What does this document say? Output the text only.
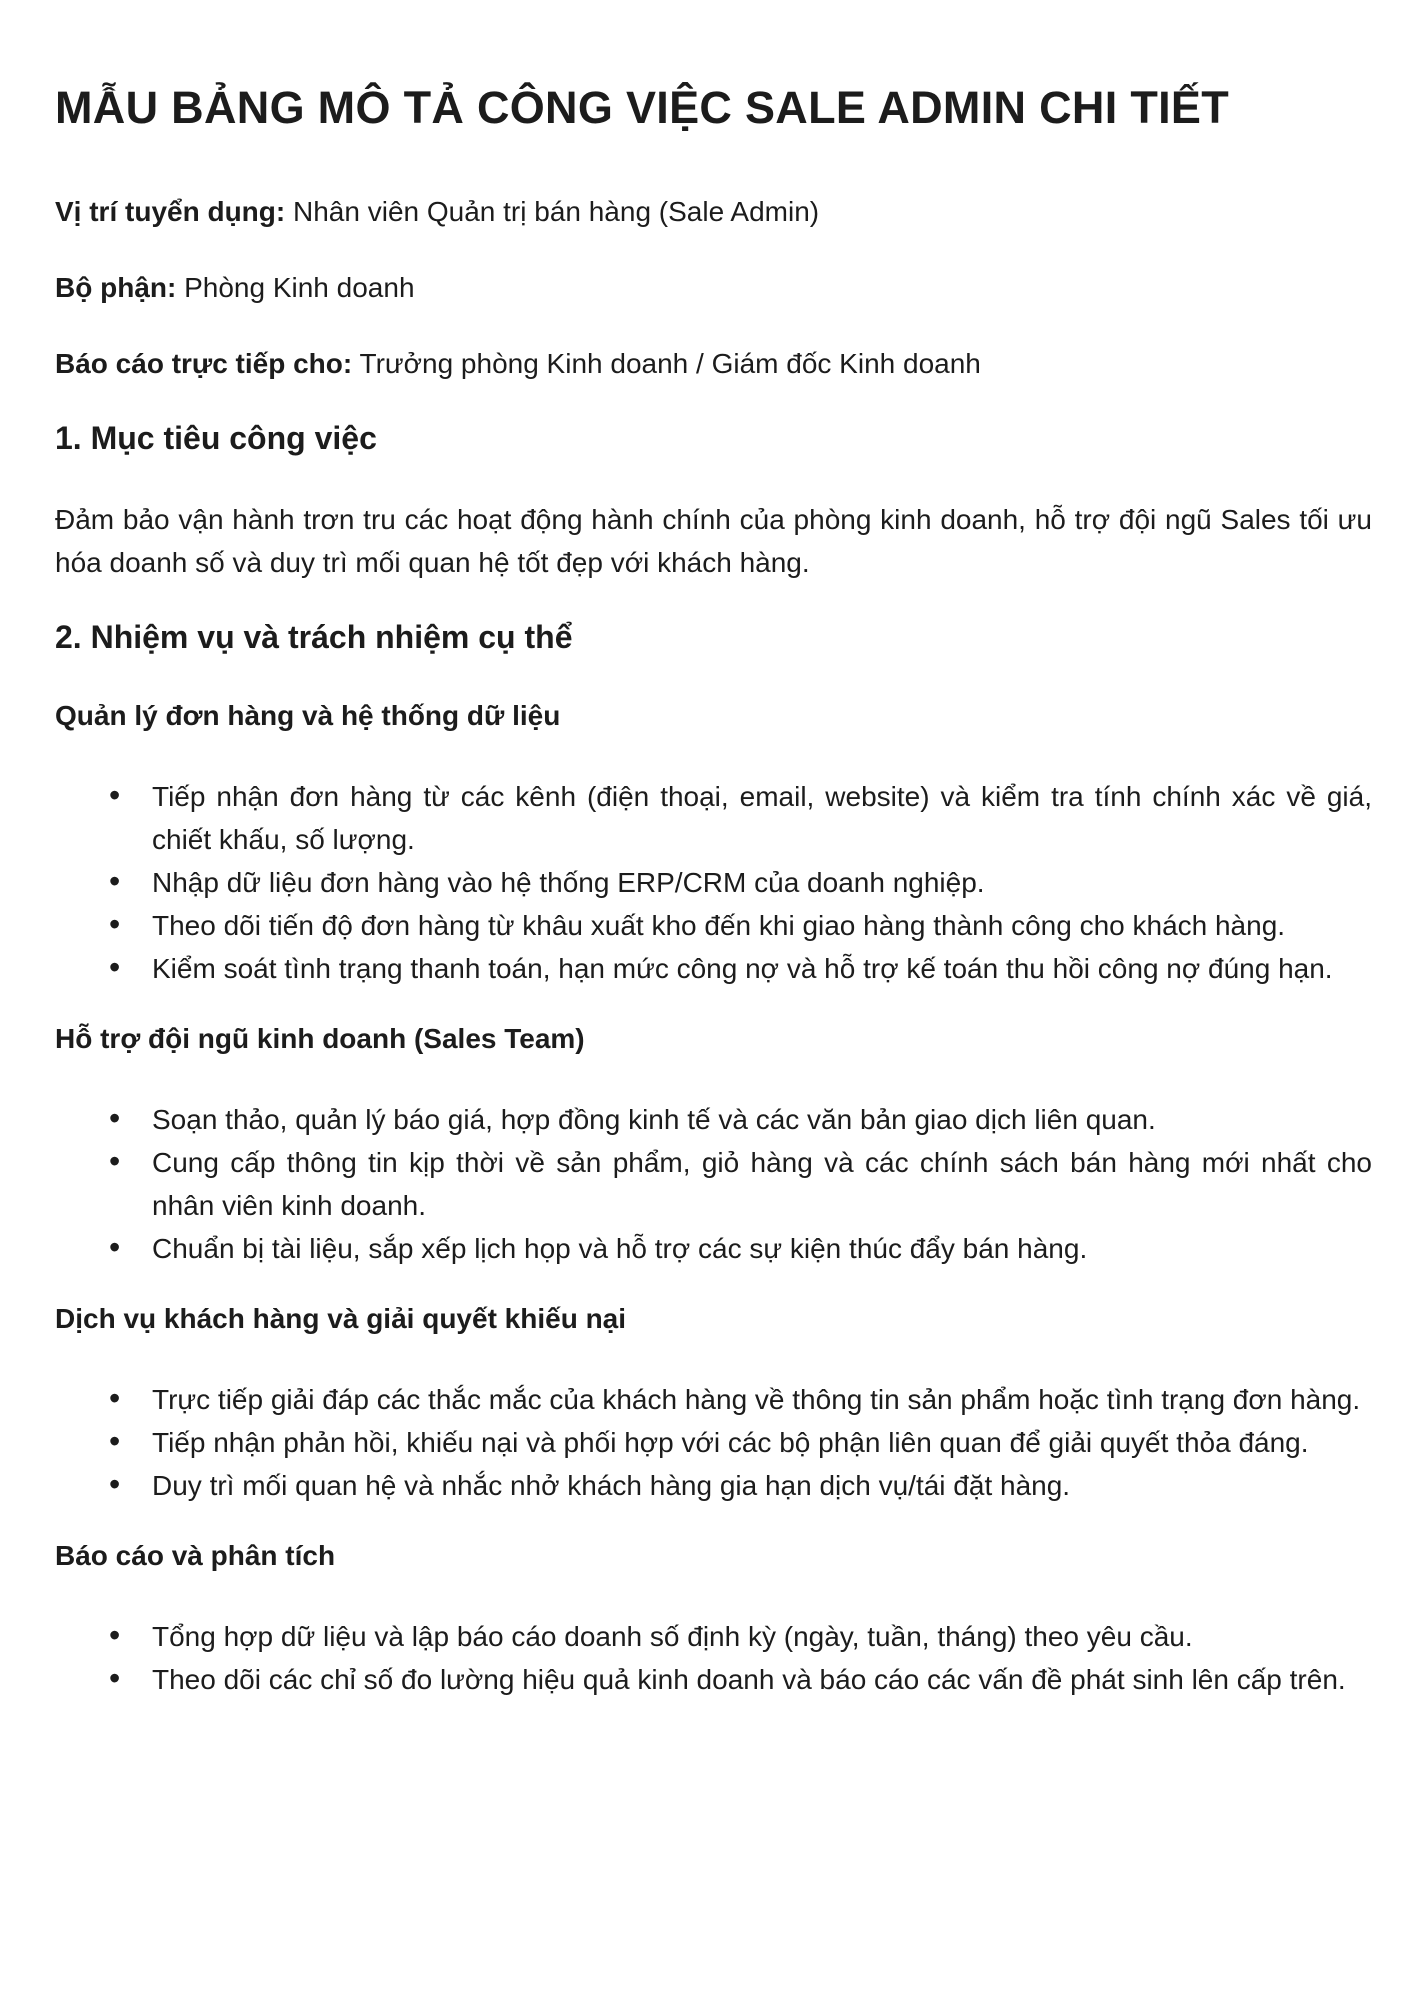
MẪU BẢNG MÔ TẢ CÔNG VIỆC SALE ADMIN CHI TIẾT

Vị trí tuyển dụng: Nhân viên Quản trị bán hàng (Sale Admin)

Bộ phận: Phòng Kinh doanh

Báo cáo trực tiếp cho: Trưởng phòng Kinh doanh / Giám đốc Kinh doanh

1. Mục tiêu công việc

Đảm bảo vận hành trơn tru các hoạt động hành chính của phòng kinh doanh, hỗ trợ đội ngũ Sales tối ưu hóa doanh số và duy trì mối quan hệ tốt đẹp với khách hàng.

2. Nhiệm vụ và trách nhiệm cụ thể
Quản lý đơn hàng và hệ thống dữ liệu
• Tiếp nhận đơn hàng từ các kênh (điện thoại, email, website) và kiểm tra tính chính xác về giá, chiết khấu, số lượng.
• Nhập dữ liệu đơn hàng vào hệ thống ERP/CRM của doanh nghiệp.
• Theo dõi tiến độ đơn hàng từ khâu xuất kho đến khi giao hàng thành công cho khách hàng.
• Kiểm soát tình trạng thanh toán, hạn mức công nợ và hỗ trợ kế toán thu hồi công nợ đúng hạn.
Hỗ trợ đội ngũ kinh doanh (Sales Team)
• Soạn thảo, quản lý báo giá, hợp đồng kinh tế và các văn bản giao dịch liên quan.
• Cung cấp thông tin kịp thời về sản phẩm, giỏ hàng và các chính sách bán hàng mới nhất cho nhân viên kinh doanh.
• Chuẩn bị tài liệu, sắp xếp lịch họp và hỗ trợ các sự kiện thúc đẩy bán hàng.
Dịch vụ khách hàng và giải quyết khiếu nại
• Trực tiếp giải đáp các thắc mắc của khách hàng về thông tin sản phẩm hoặc tình trạng đơn hàng.
• Tiếp nhận phản hồi, khiếu nại và phối hợp với các bộ phận liên quan để giải quyết thỏa đáng.
• Duy trì mối quan hệ và nhắc nhở khách hàng gia hạn dịch vụ/tái đặt hàng.
Báo cáo và phân tích
• Tổng hợp dữ liệu và lập báo cáo doanh số định kỳ (ngày, tuần, tháng) theo yêu cầu.
• Theo dõi các chỉ số đo lường hiệu quả kinh doanh và báo cáo các vấn đề phát sinh lên cấp trên.
